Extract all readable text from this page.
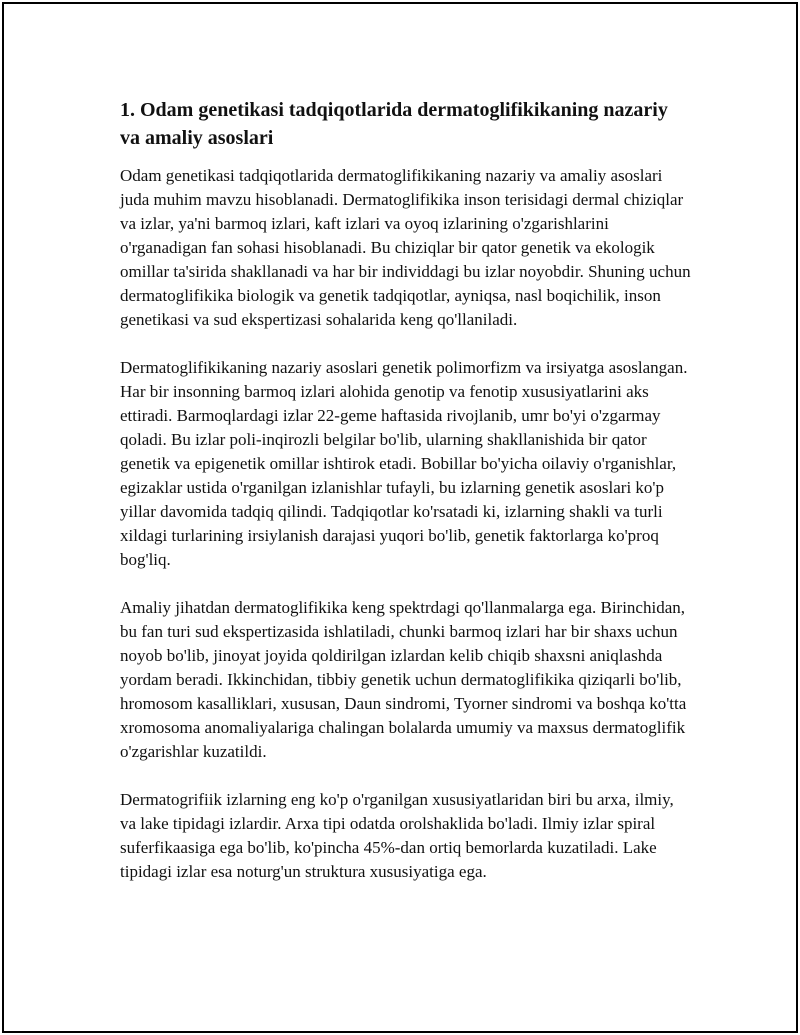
1. Odam genetikasi tadqiqotlarida dermatoglifikikaning nazariy va amaliy asoslari

Odam genetikasi tadqiqotlarida dermatoglifikikaning nazariy va amaliy asoslari juda muhim mavzu hisoblanadi. Dermatoglifikika inson terisidagi dermal chiziqlar va izlar, ya'ni barmoq izlari, kaft izlari va oyoq izlarining o'zgarishlarini o'rganadigan fan sohasi hisoblanadi. Bu chiziqlar bir qator genetik va ekologik omillar ta'sirida shakllanadi va har bir individdagi bu izlar noyobdir. Shuning uchun dermatoglifikika biologik va genetik tadqiqotlar, ayniqsa, nasl boqichilik, inson genetikasi va sud ekspertizasi sohalarida keng qo'llaniladi.

Dermatoglifikikaning nazariy asoslari genetik polimorfizm va irsiyatga asoslangan. Har bir insonning barmoq izlari alohida genotip va fenotip xususiyatlarini aks ettiradi. Barmoqlardagi izlar 22-geme haftasida rivojlanib, umr bo'yi o'zgarmay qoladi. Bu izlar poli-inqirozli belgilar bo'lib, ularning shakllanishida bir qator genetik va epigenetik omillar ishtirok etadi. Bobillar bo'yicha oilaviy o'rganishlar, egizaklar ustida o'rganilgan izlanishlar tufayli, bu izlarning genetik asoslari ko'p yillar davomida tadqiq qilindi. Tadqiqotlar ko'rsatadi ki, izlarning shakli va turli xildagi turlarining irsiylanish darajasi yuqori bo'lib, genetik faktorlarga ko'proq bog'liq.

Amaliy jihatdan dermatoglifikika keng spektrdagi qo'llanmalarga ega. Birinchidan, bu fan turi sud ekspertizasida ishlatiladi, chunki barmoq izlari har bir shaxs uchun noyob bo'lib, jinoyat joyida qoldirilgan izlardan kelib chiqib shaxsni aniqlashda yordam beradi. Ikkinchidan, tibbiy genetik uchun dermatoglifikika qiziqarli bo'lib, hromosom kasalliklari, xususan, Daun sindromi, Tyorner sindromi va boshqa ko'tta xromosoma anomaliyalariga chalingan bolalarda umumiy va maxsus dermatoglifik o'zgarishlar kuzatildi.

Dermatogrifiik izlarning eng ko'p o'rganilgan xususiyatlaridan biri bu arxa, ilmiy, va lake tipidagi izlardir. Arxa tipi odatda orolshaklida bo'ladi. Ilmiy izlar spiral suferfikaasiga ega bo'lib, ko'pincha 45%-dan ortiq bemorlarda kuzatiladi. Lake tipidagi izlar esa noturg'un struktura xususiyatiga ega.
